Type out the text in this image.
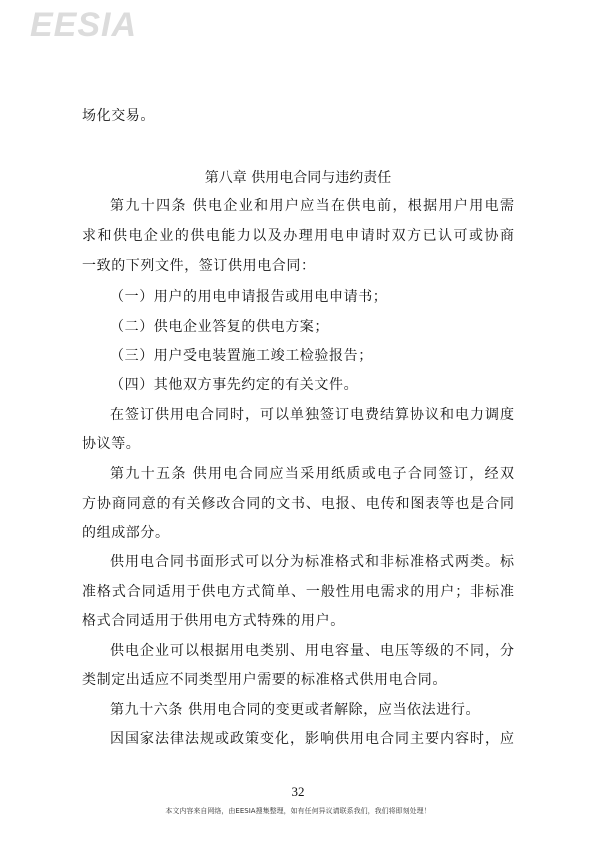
EESIA
场化交易。
第八章 供用电合同与违约责任
第九十四条 供电企业和用户应当在供电前，根据用户用电需
求和供电企业的供电能力以及办理用电申请时双方已认可或协商
一致的下列文件，签订供用电合同：
（一）用户的用电申请报告或用电申请书；
（二）供电企业答复的供电方案；
（三）用户受电装置施工竣工检验报告；
（四）其他双方事先约定的有关文件。
在签订供用电合同时，可以单独签订电费结算协议和电力调度
协议等。
第九十五条 供用电合同应当采用纸质或电子合同签订，经双
方协商同意的有关修改合同的文书、电报、电传和图表等也是合同
的组成部分。
供用电合同书面形式可以分为标准格式和非标准格式两类。标
准格式合同适用于供电方式简单、一般性用电需求的用户；非标准
格式合同适用于供用电方式特殊的用户。
供电企业可以根据用电类别、用电容量、电压等级的不同，分
类制定出适应不同类型用户需要的标准格式供用电合同。
第九十六条 供用电合同的变更或者解除，应当依法进行。
因国家法律法规或政策变化，影响供用电合同主要内容时，应
32
本文内容来自网络，由EESIA搜集整理，如有任何异议请联系我们，我们将即刻处理！
